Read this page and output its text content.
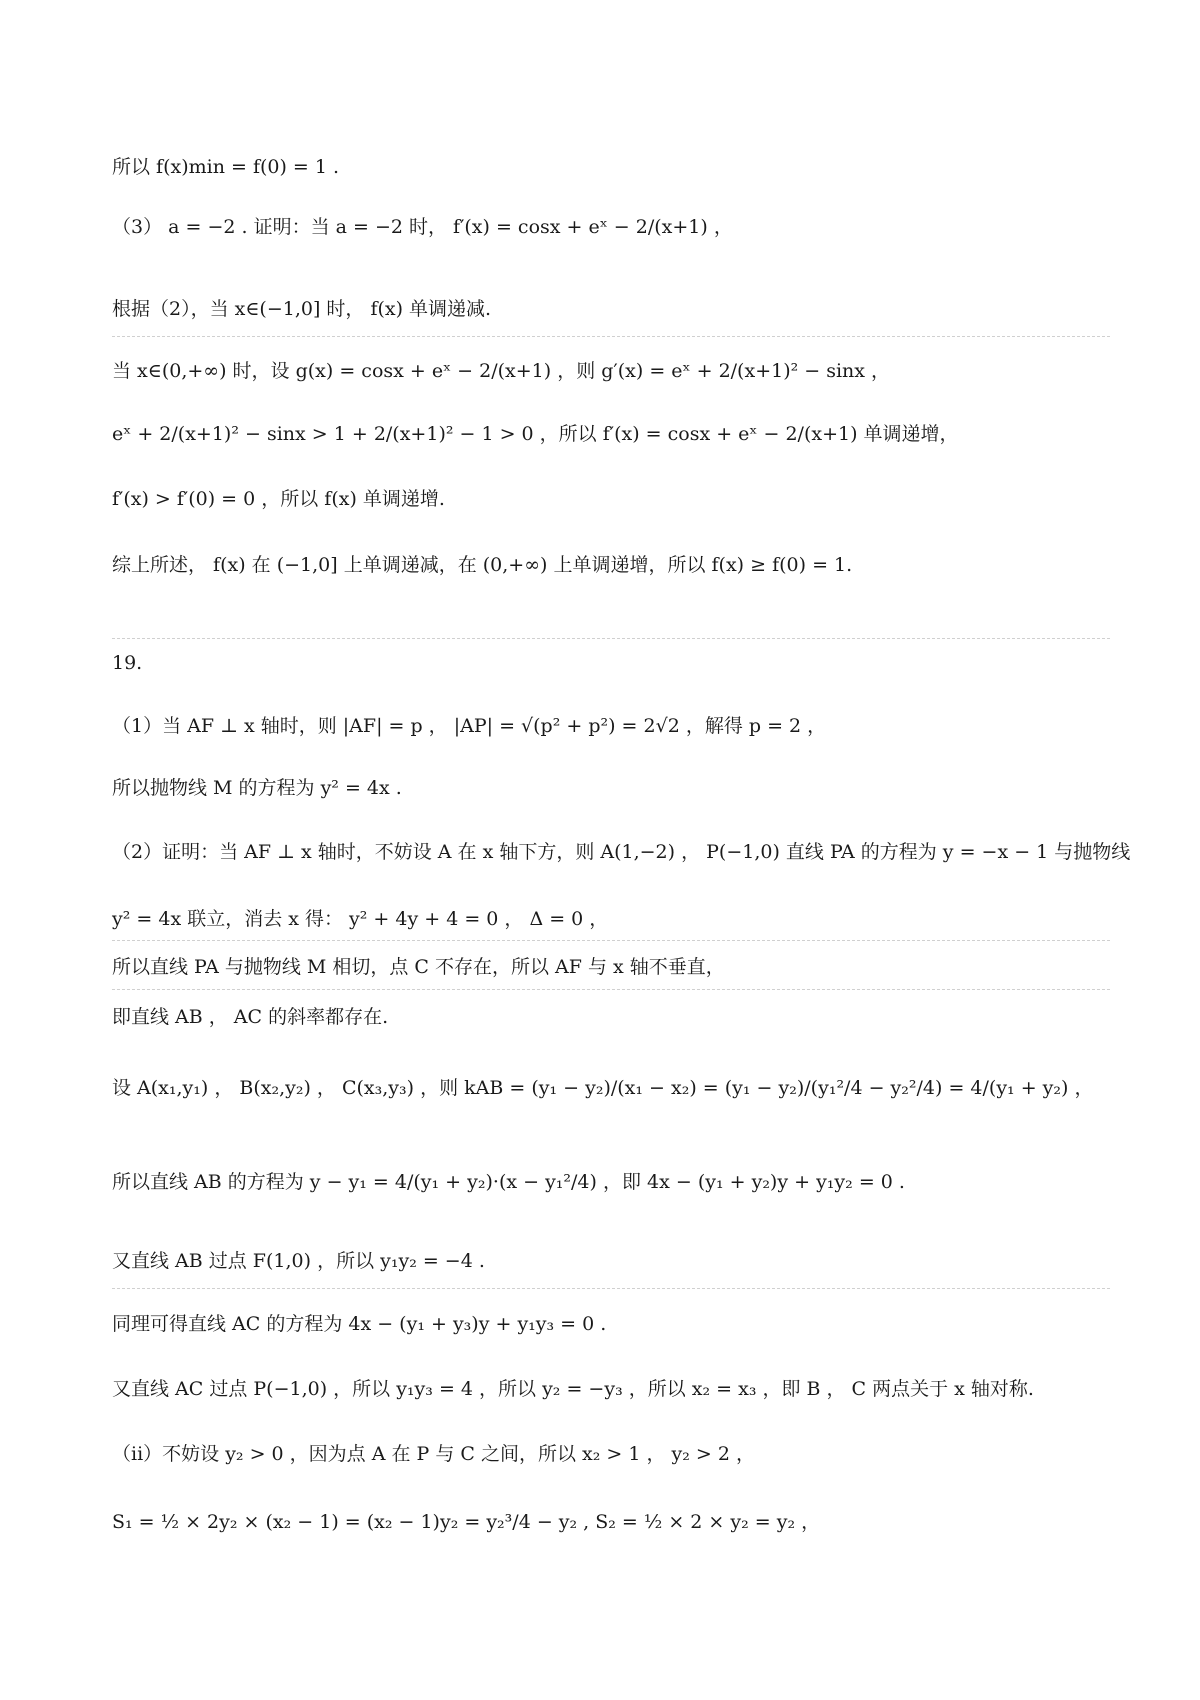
所以 f(x)min = f(0) = 1 .
（3） a = −2 . 证明：当 a = −2 时， f′(x) = cosx + eˣ − 2/(x+1) ，
根据（2），当 x∈(−1,0] 时， f(x) 单调递减.
当 x∈(0,+∞) 时，设 g(x) = cosx + eˣ − 2/(x+1) ，则 g′(x) = eˣ + 2/(x+1)² − sinx ，
eˣ + 2/(x+1)² − sinx > 1 + 2/(x+1)² − 1 > 0 ，所以 f′(x) = cosx + eˣ − 2/(x+1) 单调递增，
f′(x) > f′(0) = 0 ，所以 f(x) 单调递增.
综上所述， f(x) 在 (−1,0] 上单调递减，在 (0,+∞) 上单调递增，所以 f(x) ≥ f(0) = 1.
19.
（1）当 AF ⊥ x 轴时，则 |AF| = p ， |AP| = √(p² + p²) = 2√2 ，解得 p = 2 ，
所以抛物线 M 的方程为 y² = 4x .
（2）证明：当 AF ⊥ x 轴时，不妨设 A 在 x 轴下方，则 A(1,−2) ， P(−1,0) 直线 PA 的方程为 y = −x − 1 与抛物线
y² = 4x 联立，消去 x 得： y² + 4y + 4 = 0 ， Δ = 0 ，
所以直线 PA 与抛物线 M 相切，点 C 不存在，所以 AF 与 x 轴不垂直，
即直线 AB ， AC 的斜率都存在.
设 A(x₁,y₁) ， B(x₂,y₂) ， C(x₃,y₃) ，则 kAB = (y₁ − y₂)/(x₁ − x₂) = (y₁ − y₂)/(y₁²/4 − y₂²/4) = 4/(y₁ + y₂) ，
所以直线 AB 的方程为 y − y₁ = 4/(y₁ + y₂)·(x − y₁²/4) ，即 4x − (y₁ + y₂)y + y₁y₂ = 0 .
又直线 AB 过点 F(1,0) ，所以 y₁y₂ = −4 .
同理可得直线 AC 的方程为 4x − (y₁ + y₃)y + y₁y₃ = 0 .
又直线 AC 过点 P(−1,0) ，所以 y₁y₃ = 4 ，所以 y₂ = −y₃ ，所以 x₂ = x₃ ，即 B ， C 两点关于 x 轴对称.
（ii）不妨设 y₂ > 0 ，因为点 A 在 P 与 C 之间，所以 x₂ > 1 ， y₂ > 2 ，
S₁ = ½ × 2y₂ × (x₂ − 1) = (x₂ − 1)y₂ = y₂³/4 − y₂ , S₂ = ½ × 2 × y₂ = y₂ ，
